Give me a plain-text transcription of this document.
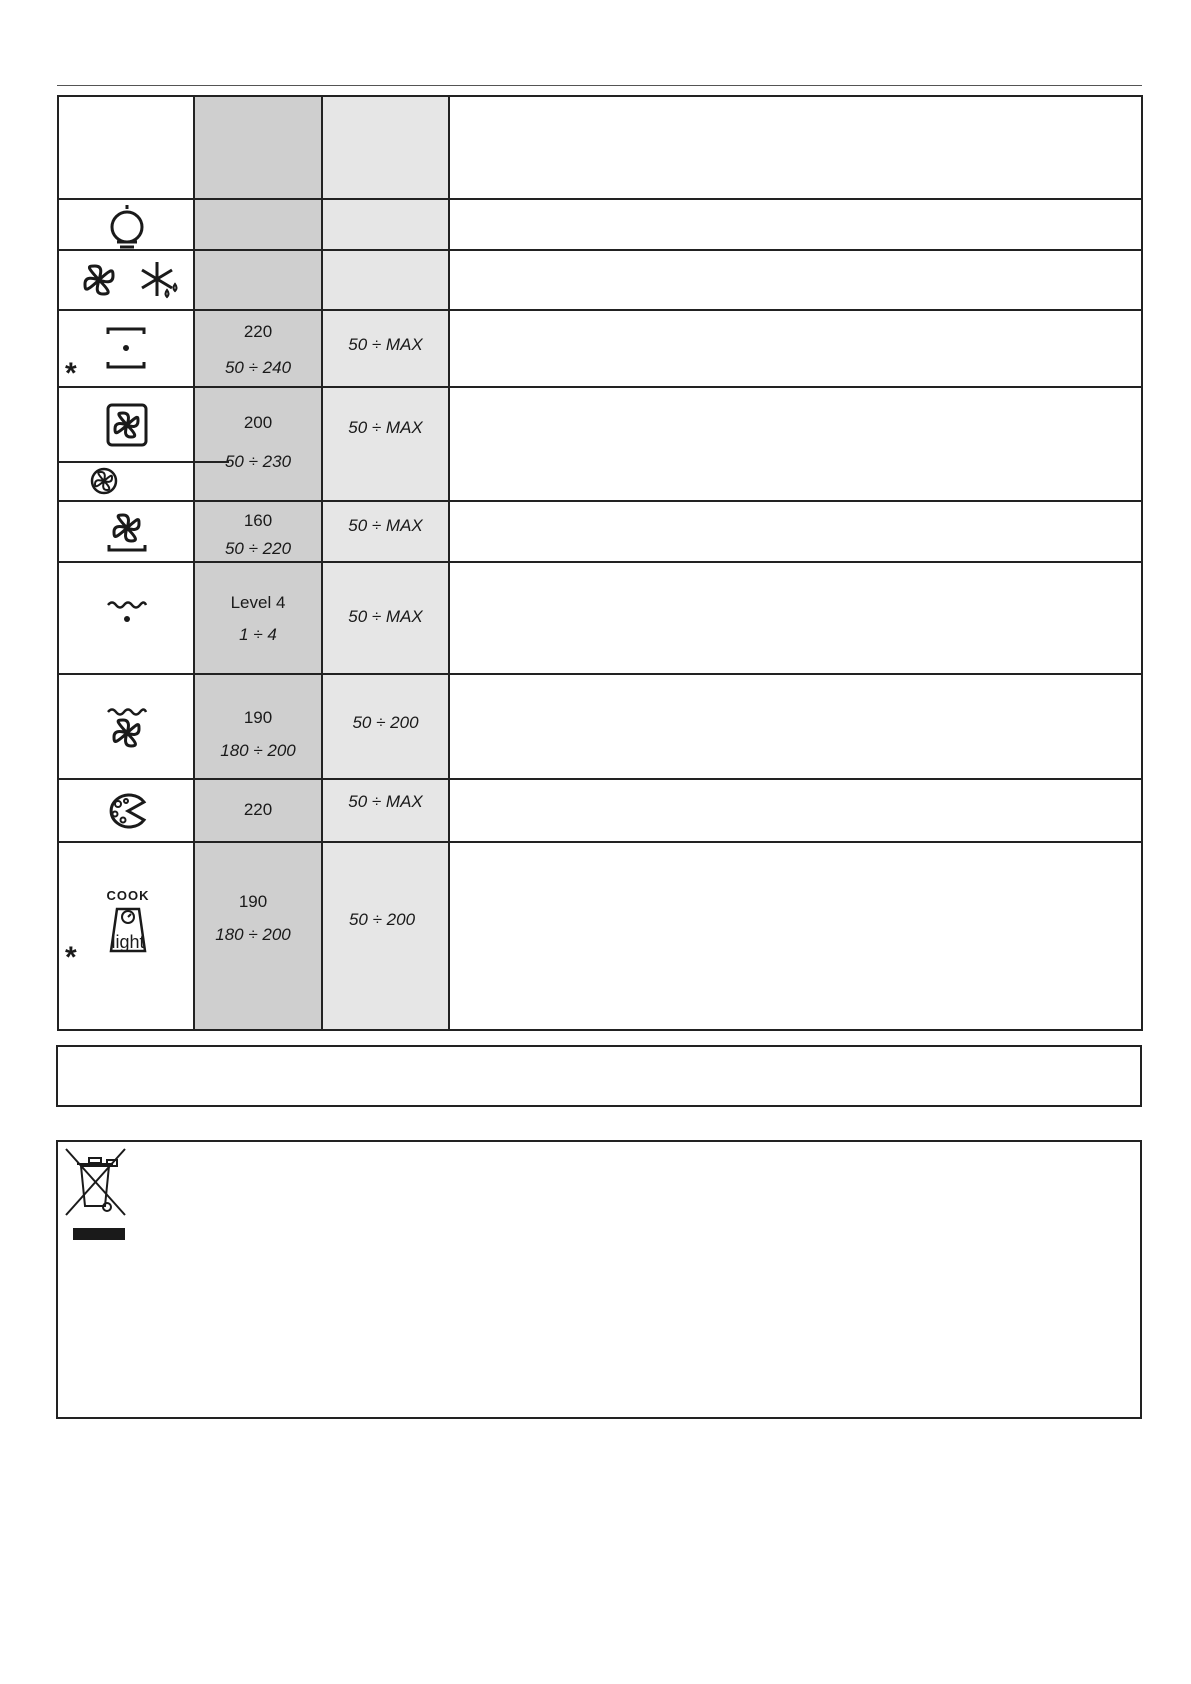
*
220
50 ÷ 240
50 ÷ MAX
200
50 ÷ 230
50 ÷ MAX
160
50 ÷ 220
50 ÷ MAX
Level 4
1 ÷ 4
50 ÷ MAX
190
180 ÷ 200
50 ÷ 200
220	50 ÷ MAX
*
COOK
light
190
180 ÷ 200
50 ÷ 200
